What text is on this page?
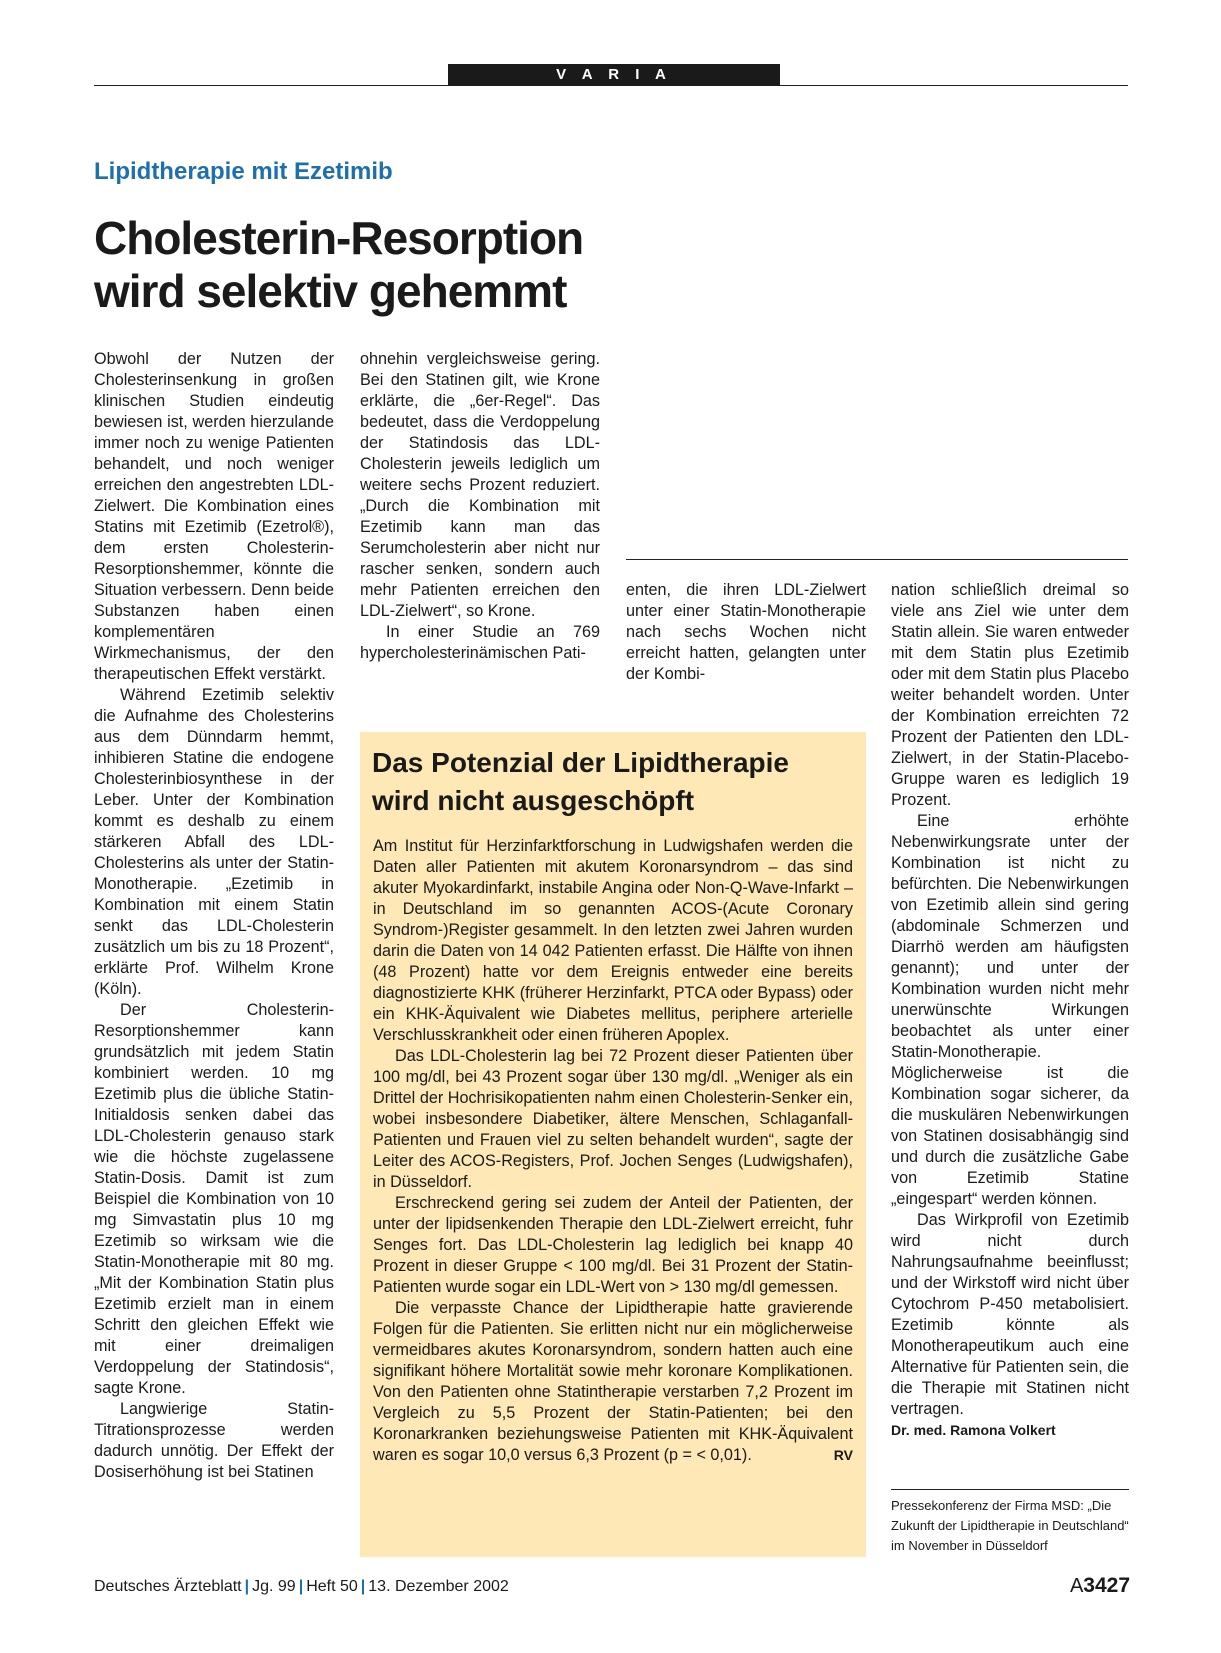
V A R I A
Lipidtherapie mit Ezetimib
Cholesterin-Resorption wird selektiv gehemmt

Obwohl der Nutzen der Cholesterinsenkung in großen klinischen Studien eindeutig bewiesen ist, werden hierzulande immer noch zu wenige Patienten behandelt, und noch weniger erreichen den angestrebten LDL-Zielwert. Die Kombination eines Statins mit Ezetimib (Ezetrol®), dem ersten Cholesterin-Resorptionshemmer, könnte die Situation verbessern. Denn beide Substanzen haben einen komplementären Wirkmechanismus, der den therapeutischen Effekt verstärkt.

Während Ezetimib selektiv die Aufnahme des Cholesterins aus dem Dünndarm hemmt, inhibieren Statine die endogene Cholesterinbiosynthese in der Leber. Unter der Kombination kommt es deshalb zu einem stärkeren Abfall des LDL-Cholesterins als unter der Statin-Monotherapie. „Ezetimib in Kombination mit einem Statin senkt das LDL-Cholesterin zusätzlich um bis zu 18 Prozent“, erklärte Prof. Wilhelm Krone (Köln).

Der Cholesterin-Resorptionshemmer kann grundsätzlich mit jedem Statin kombiniert werden. 10 mg Ezetimib plus die übliche Statin-Initialdosis senken dabei das LDL-Cholesterin genauso stark wie die höchste zugelassene Statin-Dosis. Damit ist zum Beispiel die Kombination von 10 mg Simvastatin plus 10 mg Ezetimib so wirksam wie die Statin-Monotherapie mit 80 mg. „Mit der Kombination Statin plus Ezetimib erzielt man in einem Schritt den gleichen Effekt wie mit einer dreimaligen Verdoppelung der Statindosis“, sagte Krone.

Langwierige Statin-Titrationsprozesse werden dadurch unnötig. Der Effekt der Dosiserhöhung ist bei Statinen

ohnehin vergleichsweise gering. Bei den Statinen gilt, wie Krone erklärte, die „6er-Regel“. Das bedeutet, dass die Verdoppelung der Statindosis das LDL-Cholesterin jeweils lediglich um weitere sechs Prozent reduziert. „Durch die Kombination mit Ezetimib kann man das Serumcholesterin aber nicht nur rascher senken, sondern auch mehr Patienten erreichen den LDL-Zielwert“, so Krone.

In einer Studie an 769 hypercholesterinämischen Pati-

enten, die ihren LDL-Zielwert unter einer Statin-Monotherapie nach sechs Wochen nicht erreicht hatten, gelangten unter der Kombi-

nation schließlich dreimal so viele ans Ziel wie unter dem Statin allein. Sie waren entweder mit dem Statin plus Ezetimib oder mit dem Statin plus Placebo weiter behandelt worden. Unter der Kombination erreichten 72 Prozent der Patienten den LDL-Zielwert, in der Statin-Placebo-Gruppe waren es lediglich 19 Prozent.

Eine erhöhte Nebenwirkungsrate unter der Kombination ist nicht zu befürchten. Die Nebenwirkungen von Ezetimib allein sind gering (abdominale Schmerzen und Diarrhö werden am häufigsten genannt); und unter der Kombination wurden nicht mehr unerwünschte Wirkungen beobachtet als unter einer Statin-Monotherapie. Möglicherweise ist die Kombination sogar sicherer, da die muskulären Nebenwirkungen von Statinen dosisabhängig sind und durch die zusätzliche Gabe von Ezetimib Statine „eingespart“ werden können.

Das Wirkprofil von Ezetimib wird nicht durch Nahrungsaufnahme beeinflusst; und der Wirkstoff wird nicht über Cytochrom P-450 metabolisiert. Ezetimib könnte als Monotherapeutikum auch eine Alternative für Patienten sein, die die Therapie mit Statinen nicht vertragen.

Dr. med. Ramona Volkert

Das Potenzial der Lipidtherapie wird nicht ausgeschöpft

Am Institut für Herzinfarktforschung in Ludwigshafen werden die Daten aller Patienten mit akutem Koronarsyndrom – das sind akuter Myokardinfarkt, instabile Angina oder Non-Q-Wave-Infarkt – in Deutschland im so genannten ACOS-(Acute Coronary Syndrom-)Register gesammelt. In den letzten zwei Jahren wurden darin die Daten von 14 042 Patienten erfasst. Die Hälfte von ihnen (48 Prozent) hatte vor dem Ereignis entweder eine bereits diagnostizierte KHK (früherer Herzinfarkt, PTCA oder Bypass) oder ein KHK-Äquivalent wie Diabetes mellitus, periphere arterielle Verschlusskrankheit oder einen früheren Apoplex.

Das LDL-Cholesterin lag bei 72 Prozent dieser Patienten über 100 mg/dl, bei 43 Prozent sogar über 130 mg/dl. „Weniger als ein Drittel der Hochrisikopatienten nahm einen Cholesterin-Senker ein, wobei insbesondere Diabetiker, ältere Menschen, Schlaganfall-Patienten und Frauen viel zu selten behandelt wurden“, sagte der Leiter des ACOS-Registers, Prof. Jochen Senges (Ludwigshafen), in Düsseldorf.

Erschreckend gering sei zudem der Anteil der Patienten, der unter der lipidsenkenden Therapie den LDL-Zielwert erreicht, fuhr Senges fort. Das LDL-Cholesterin lag lediglich bei knapp 40 Prozent in dieser Gruppe < 100 mg/dl. Bei 31 Prozent der Statin-Patienten wurde sogar ein LDL-Wert von > 130 mg/dl gemessen.

Die verpasste Chance der Lipidtherapie hatte gravierende Folgen für die Patienten. Sie erlitten nicht nur ein möglicherweise vermeidbares akutes Koronarsyndrom, sondern hatten auch eine signifikant höhere Mortalität sowie mehr koronare Komplikationen. Von den Patienten ohne Statintherapie verstarben 7,2 Prozent im Vergleich zu 5,5 Prozent der Statin-Patienten; bei den Koronarkranken beziehungsweise Patienten mit KHK-Äquivalent waren es sogar 10,0 versus 6,3 Prozent (p = < 0,01).	RV

Pressekonferenz der Firma MSD: „Die Zukunft der Lipidtherapie in Deutschland“ im November in Düsseldorf
Deutsches Ärzteblatt | Jg. 99 | Heft 50 | 13. Dezember 2002	A3427
